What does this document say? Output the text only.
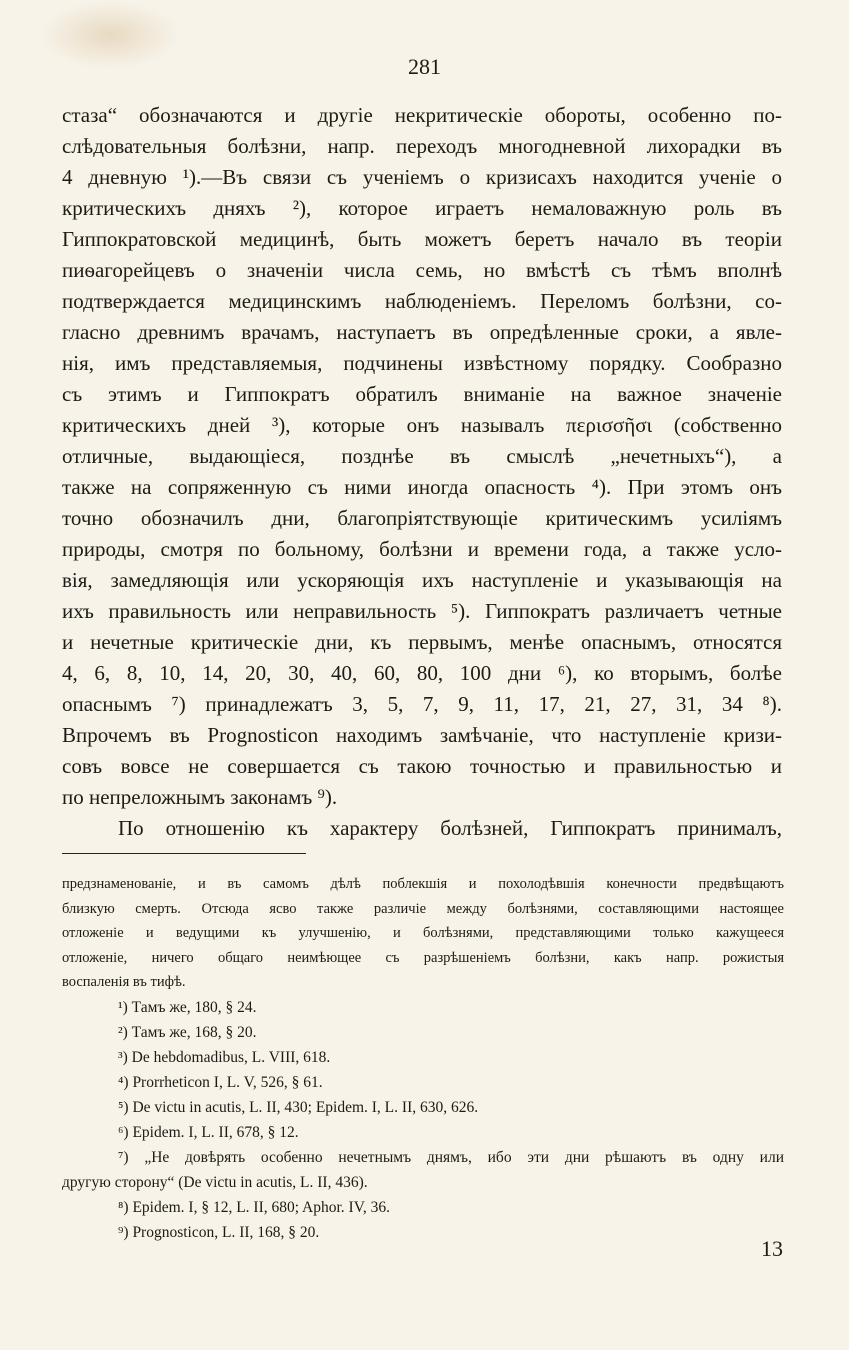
281
стаза“ обозначаются и другіе некритическіе обороты, особенно по-
слѣдовательныя болѣзни, напр. переходъ многодневной лихорадки въ
4 дневную ¹).—Въ связи съ ученіемъ о кризисахъ находится ученіе о
критическихъ дняхъ ²), которое играетъ немаловажную роль въ
Гиппократовской медицинѣ, быть можетъ беретъ начало въ теоріи
пиѳагорейцевъ о значеніи числа семь, но вмѣстѣ съ тѣмъ вполнѣ
подтверждается медицинскимъ наблюденіемъ. Переломъ болѣзни, со-
гласно древнимъ врачамъ, наступаетъ въ опредѣленные сроки, а явле-
нія, имъ представляемыя, подчинены извѣстному порядку. Сообразно
съ этимъ и Гиппократъ обратилъ вниманіе на важное значеніе
критическихъ дней ³), которые онъ называлъ περισσῆσι (собственно
отличные, выдающіеся, позднѣе въ смыслѣ „нечетныхъ“), а
также на сопряженную съ ними иногда опасность ⁴). При этомъ онъ
точно обозначилъ дни, благопріятствующіе критическимъ усиліямъ
природы, смотря по больному, болѣзни и времени года, а также усло-
вія, замедляющія или ускоряющія ихъ наступленіе и указывающія на
ихъ правильность или неправильность ⁵). Гиппократъ различаетъ четные
и нечетные критическіе дни, къ первымъ, менѣе опаснымъ, относятся
4, 6, 8, 10, 14, 20, 30, 40, 60, 80, 100 дни ⁶), ко вторымъ, болѣе
опаснымъ ⁷) принадлежатъ 3, 5, 7, 9, 11, 17, 21, 27, 31, 34 ⁸).
Впрочемъ въ Prognosticon находимъ замѣчаніе, что наступленіе кризи-
совъ вовсе не совершается съ такою точностью и правильностью и
по непреложнымъ законамъ ⁹).
По отношенію къ характеру болѣзней, Гиппократъ принималъ,
предзнаменованіе, и въ самомъ дѣлѣ поблекшія и похолодѣвшія конечности предвѣщаютъ
близкую смерть. Отсюда ясво также различіе между болѣзнями, составляющими настоящее
отложеніе и ведущими къ улучшенію, и болѣзнями, представляющими только кажущееся
отложеніе, ничего общаго неимѣющее съ разрѣшеніемъ болѣзни, какъ напр. рожистыя
воспаленія въ тифѣ.
¹) Тамъ же, 180, § 24.
²) Тамъ же, 168, § 20.
³) De hebdomadibus, L. VIII, 618.
⁴) Prorrheticon I, L. V, 526, § 61.
⁵) De victu in acutis, L. II, 430; Epidem. I, L. II, 630, 626.
⁶) Epidem. I, L. II, 678, § 12.
⁷) „Не довѣрять особенно нечетнымъ днямъ, ибо эти дни рѣшаютъ въ одну или
другую сторону“ (De victu in acutis, L. II, 436).
⁸) Epidem. I, § 12, L. II, 680; Aphor. IV, 36.
⁹) Prognosticon, L. II, 168, § 20.
13
